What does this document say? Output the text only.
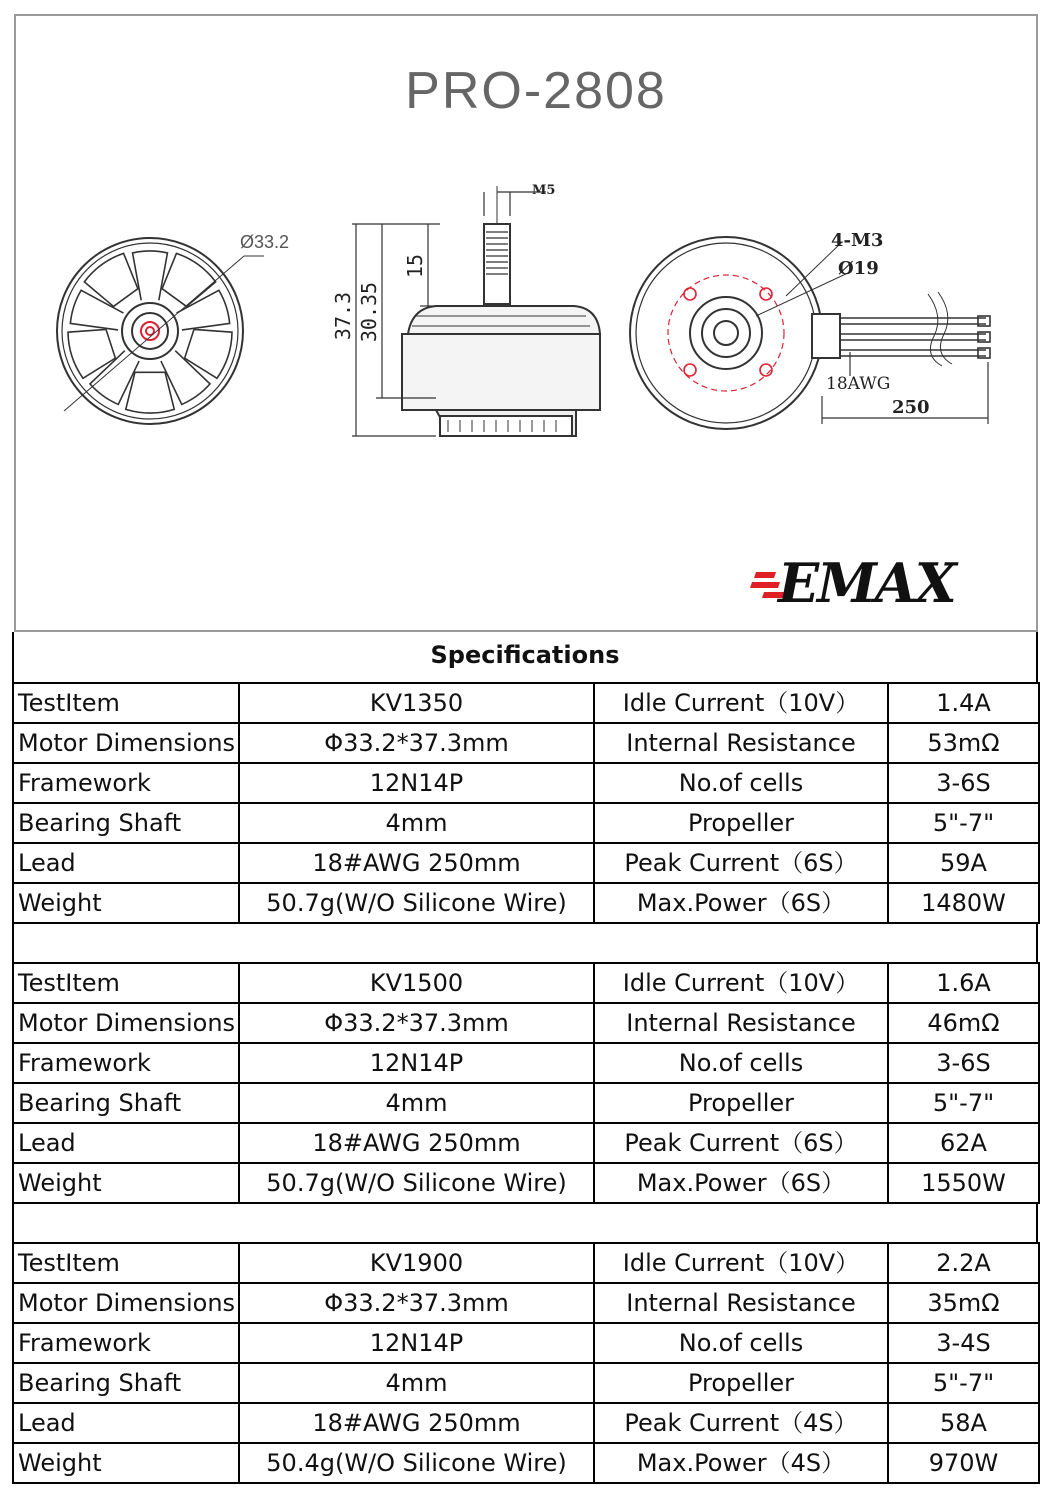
PRO-2808
Ø33.2
37.3 30.35
15
M5
4-M3
Ø19
18AWG
250
EMAX
Specifications
TestItem	KV1350	Idle Current（10V）	1.4A
Motor Dimensions	Φ33.2*37.3mm	Internal Resistance	53mΩ
Framework	12N14P	No.of cells	3-6S
Bearing Shaft	4mm	Propeller	5"-7"
Lead	18#AWG 250mm	Peak Current（6S）	59A
Weight	50.7g(W/O Silicone Wire)	Max.Power（6S）	1480W
TestItem	KV1500	Idle Current（10V）	1.6A
Motor Dimensions	Φ33.2*37.3mm	Internal Resistance	46mΩ
Framework	12N14P	No.of cells	3-6S
Bearing Shaft	4mm	Propeller	5"-7"
Lead	18#AWG 250mm	Peak Current（6S）	62A
Weight	50.7g(W/O Silicone Wire)	Max.Power（6S）	1550W
TestItem	KV1900	Idle Current（10V）	2.2A
Motor Dimensions	Φ33.2*37.3mm	Internal Resistance	35mΩ
Framework	12N14P	No.of cells	3-4S
Bearing Shaft	4mm	Propeller	5"-7"
Lead	18#AWG 250mm	Peak Current（4S）	58A
Weight	50.4g(W/O Silicone Wire)	Max.Power（4S）	970W
